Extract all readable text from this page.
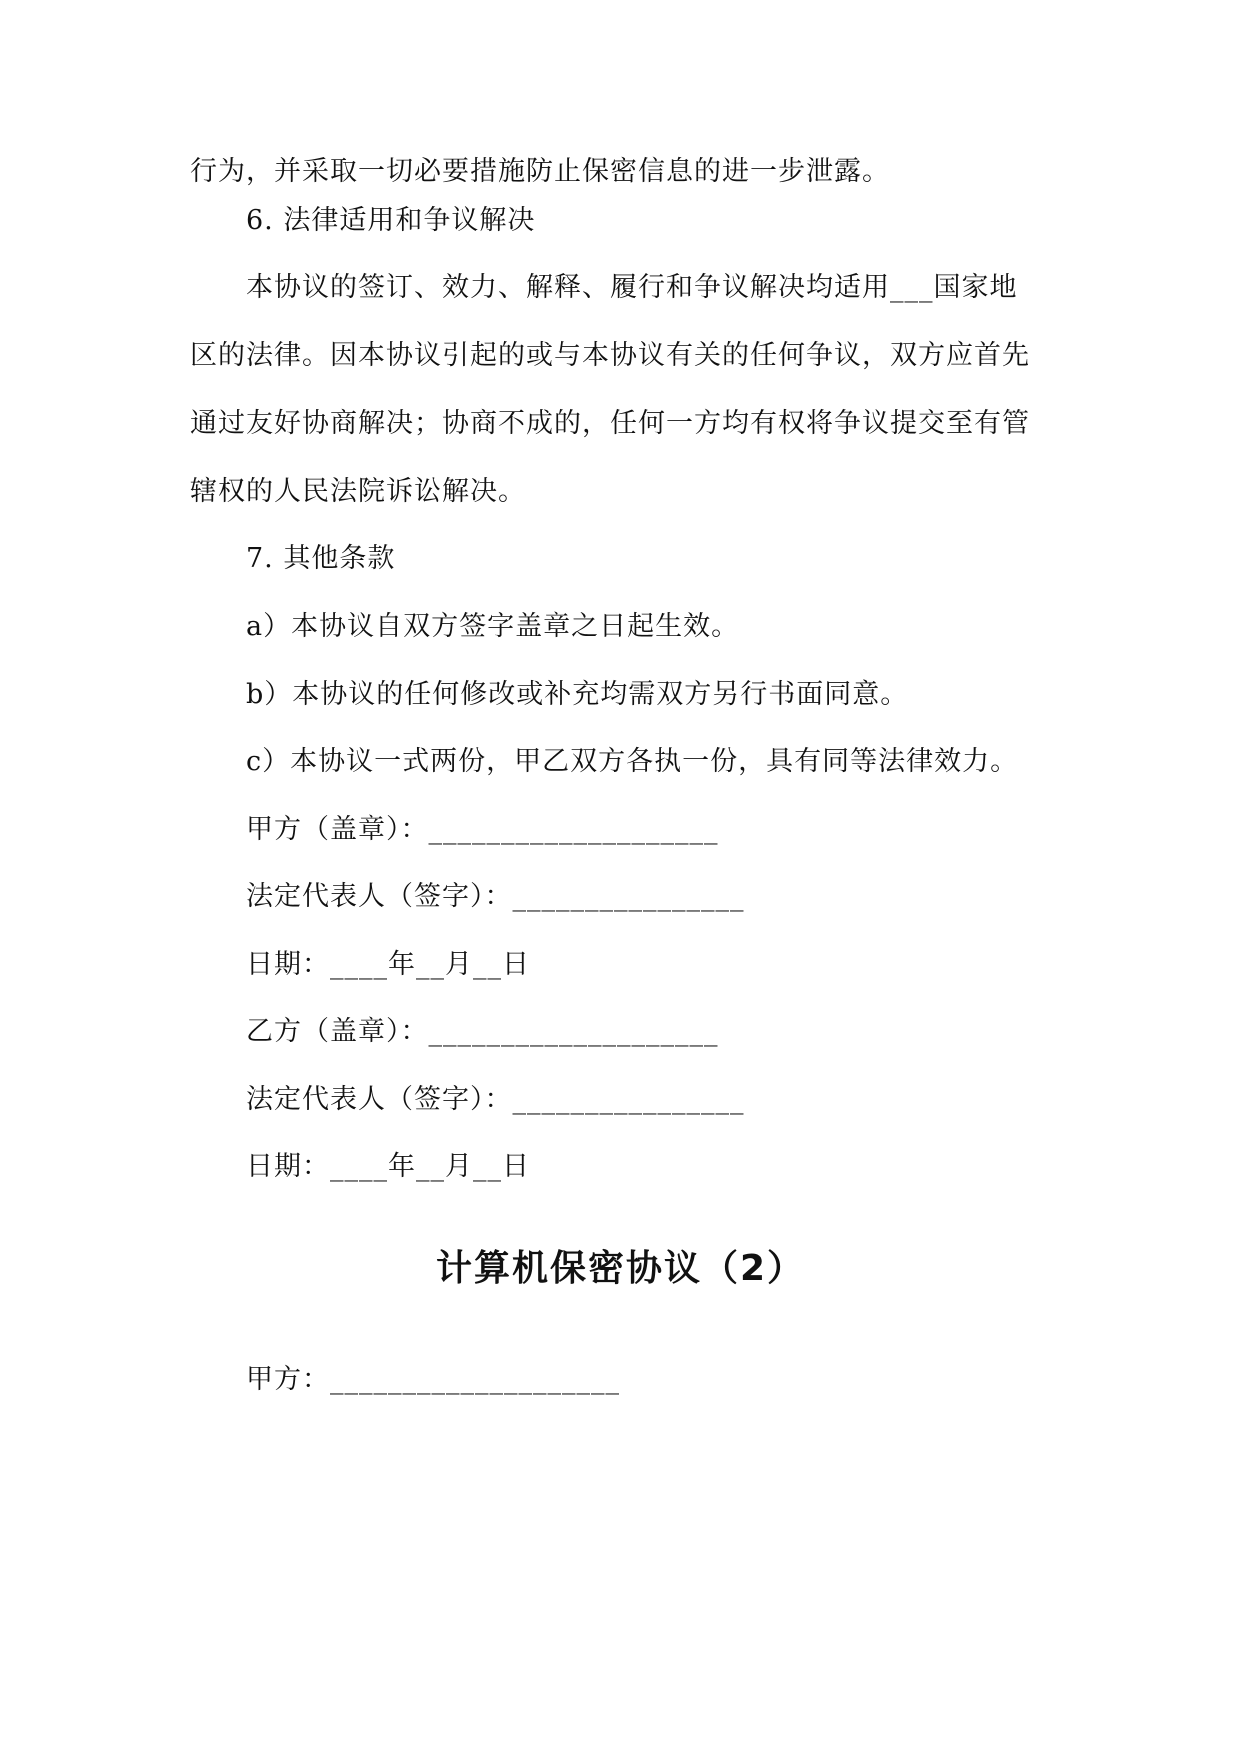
行为，并采取一切必要措施防止保密信息的进一步泄露。
6. 法律适用和争议解决
本协议的签订、效力、解释、履行和争议解决均适用___国家地
区的法律。因本协议引起的或与本协议有关的任何争议，双方应首先
通过友好协商解决；协商不成的，任何一方均有权将争议提交至有管
辖权的人民法院诉讼解决。
7. 其他条款
a）本协议自双方签字盖章之日起生效。
b）本协议的任何修改或补充均需双方另行书面同意。
c）本协议一式两份，甲乙双方各执一份，具有同等法律效力。
甲方（盖章）：____________________
法定代表人（签字）：________________
日期：____年__月__日
乙方（盖章）：____________________
法定代表人（签字）：________________
日期：____年__月__日
计算机保密协议（2）
甲方：____________________
